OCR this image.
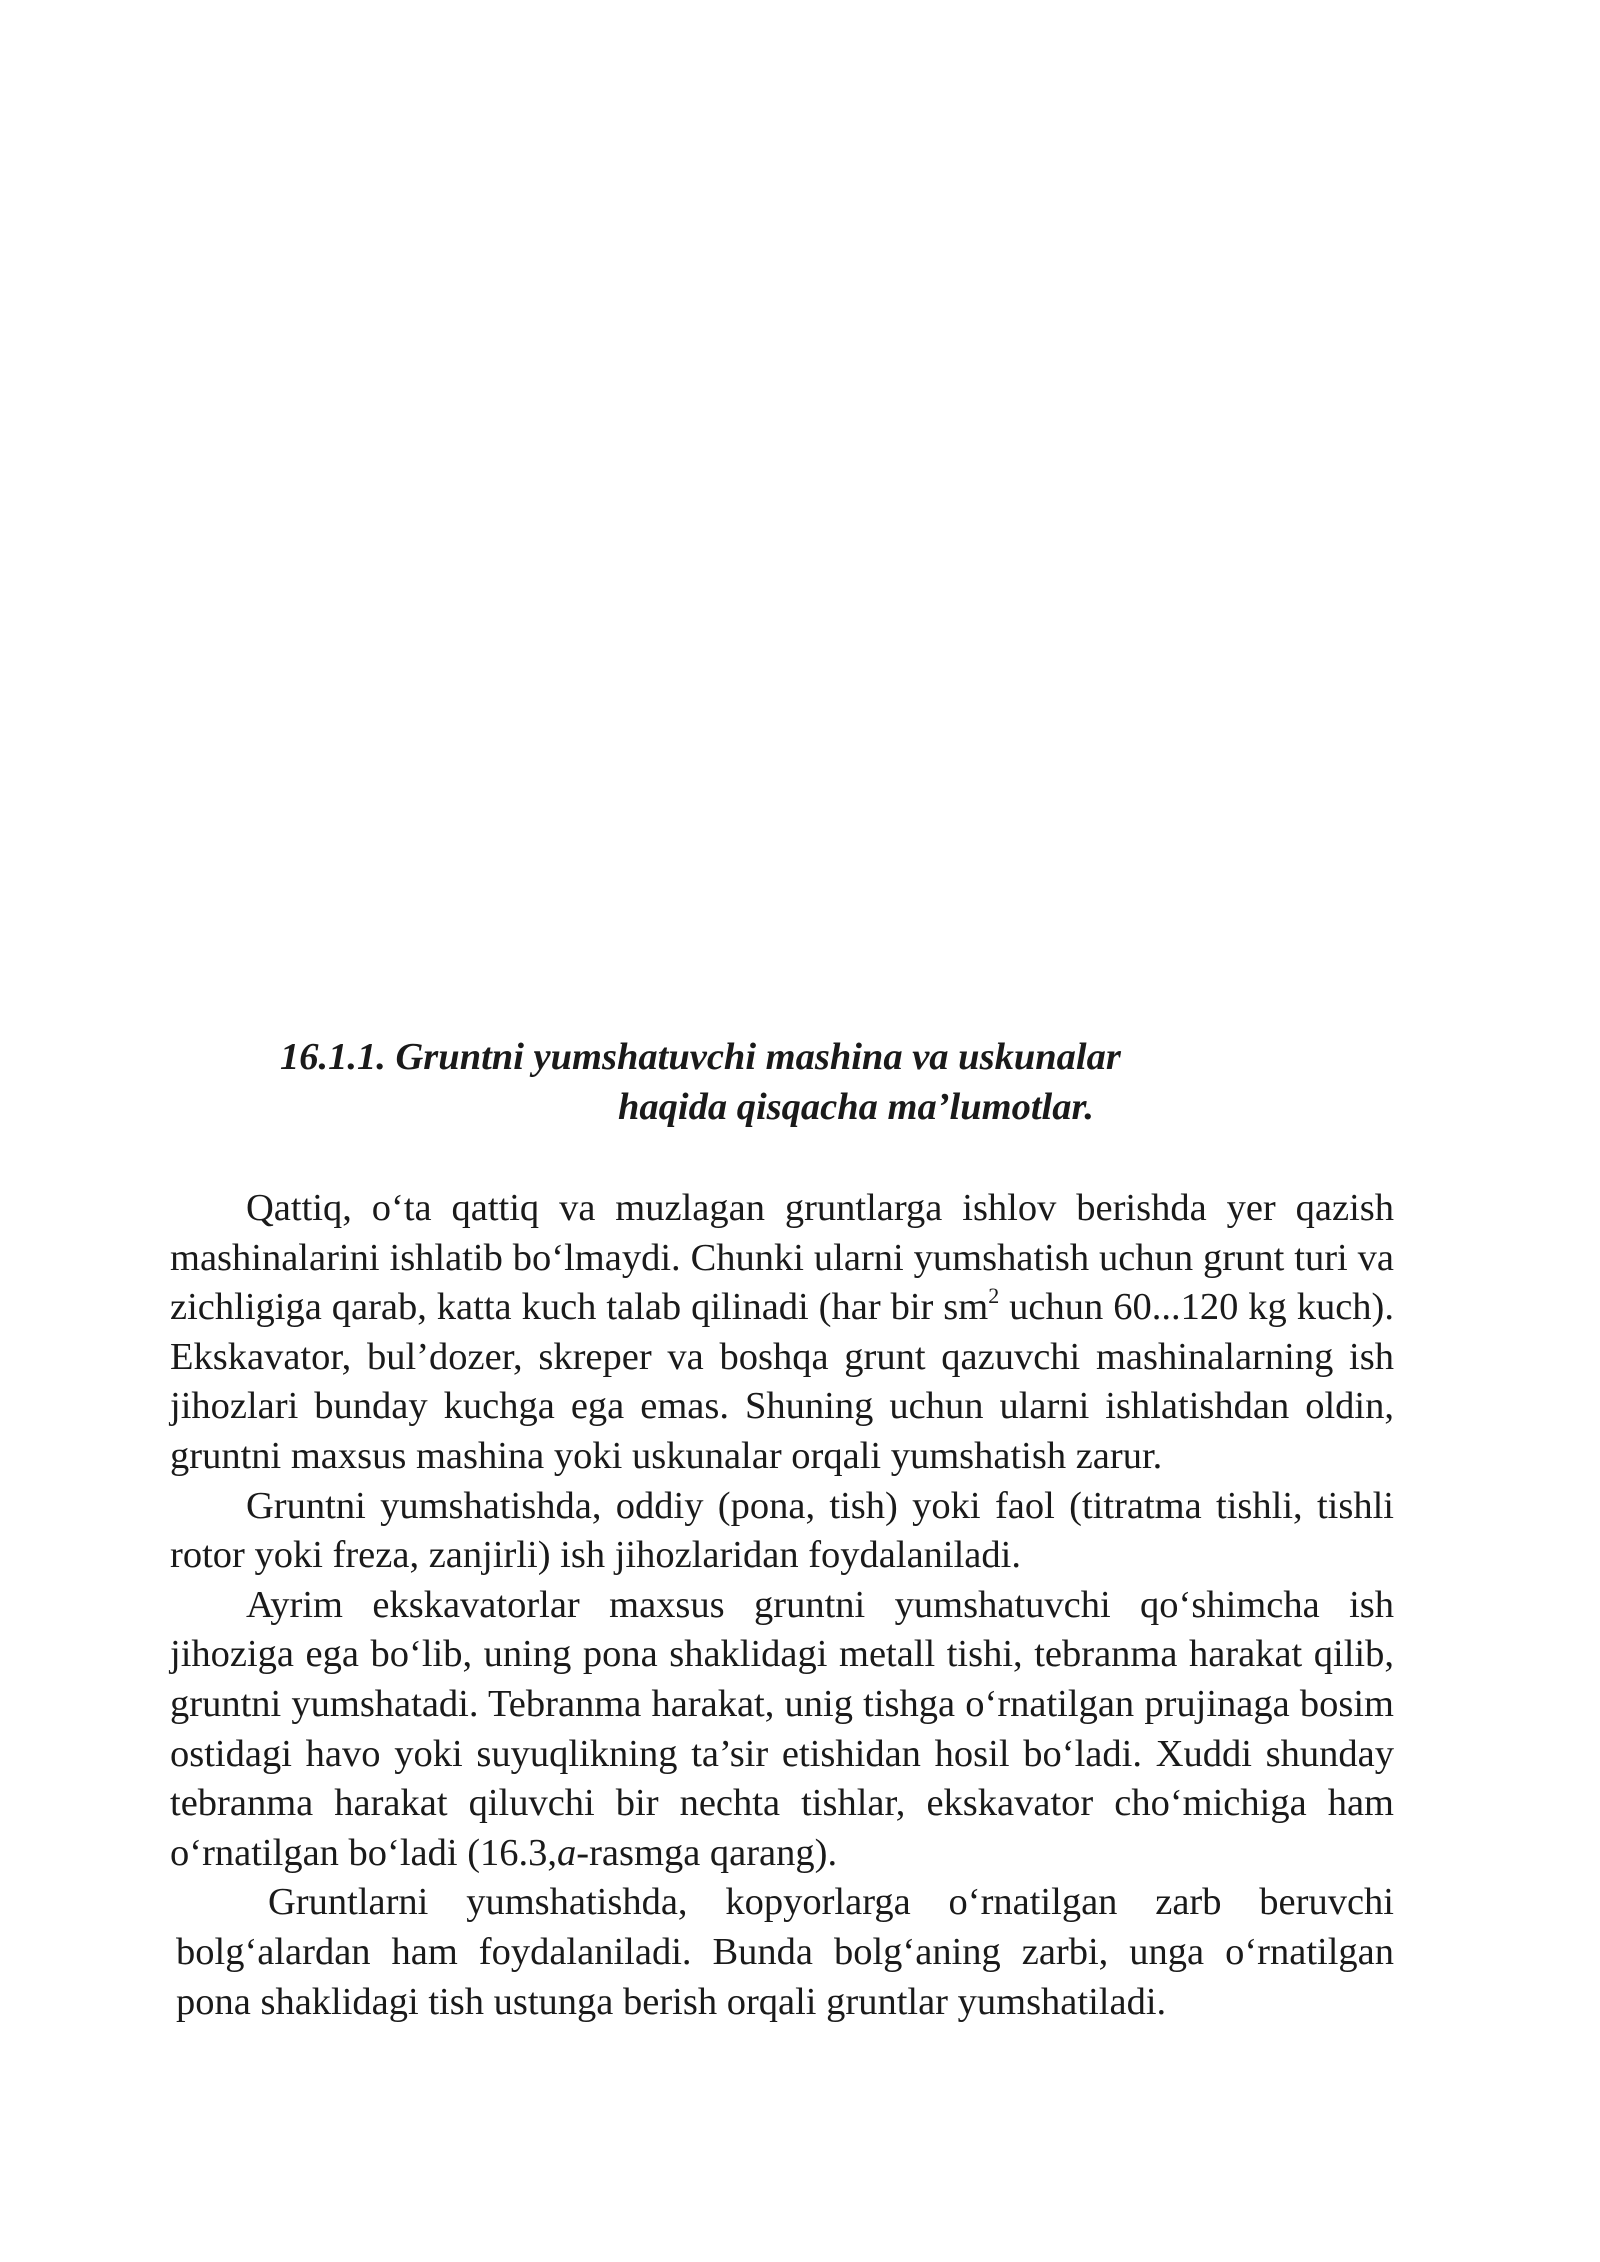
16.1.1. Gruntni yumshatuvchi mashina va uskunalar
haqida qisqacha ma’lumotlar.

Qattiq, o‘ta qattiq va muzlagan gruntlarga ishlov berishda yer qazish mashinalarini ishlatib bo‘lmaydi. Chunki ularni yumshatish uchun grunt turi va zichligiga qarab, katta kuch talab qilinadi (har bir $sm^2$ uchun 60...120 kg kuch). Ekskavator, bul’dozer, skreper va boshqa grunt qazuvchi mashinalarning ish jihozlari bunday kuchga ega emas. Shuning uchun ularni ishlatishdan oldin, gruntni maxsus mashina yoki uskunalar orqali yumshatish zarur.

Gruntni yumshatishda, oddiy (pona, tish) yoki faol (titratma tishli, tishli rotor yoki freza, zanjirli) ish jihozlaridan foydalaniladi.

Ayrim ekskavatorlar maxsus gruntni yumshatuvchi qo‘shimcha ish jihoziga ega bo‘lib, uning pona shaklidagi metall tishi, tebranma harakat qilib, gruntni yumshatadi. Tebranma harakat, unig tishga o‘rnatilgan prujinaga bosim ostidagi havo yoki suyuqlikning ta’sir etishidan hosil bo‘ladi. Xuddi shunday tebranma harakat qiluvchi bir nechta tishlar, ekskavator cho‘michiga ham o‘rnatilgan bo‘ladi (16.3,a-rasmga qarang).

Gruntlarni yumshatishda, kopyorlarga o‘rnatilgan zarb beruvchi bolg‘alardan ham foydalaniladi. Bunda bolg‘aning zarbi, unga o‘rnatilgan pona shaklidagi tish ustunga berish orqali gruntlar yumshatiladi.
